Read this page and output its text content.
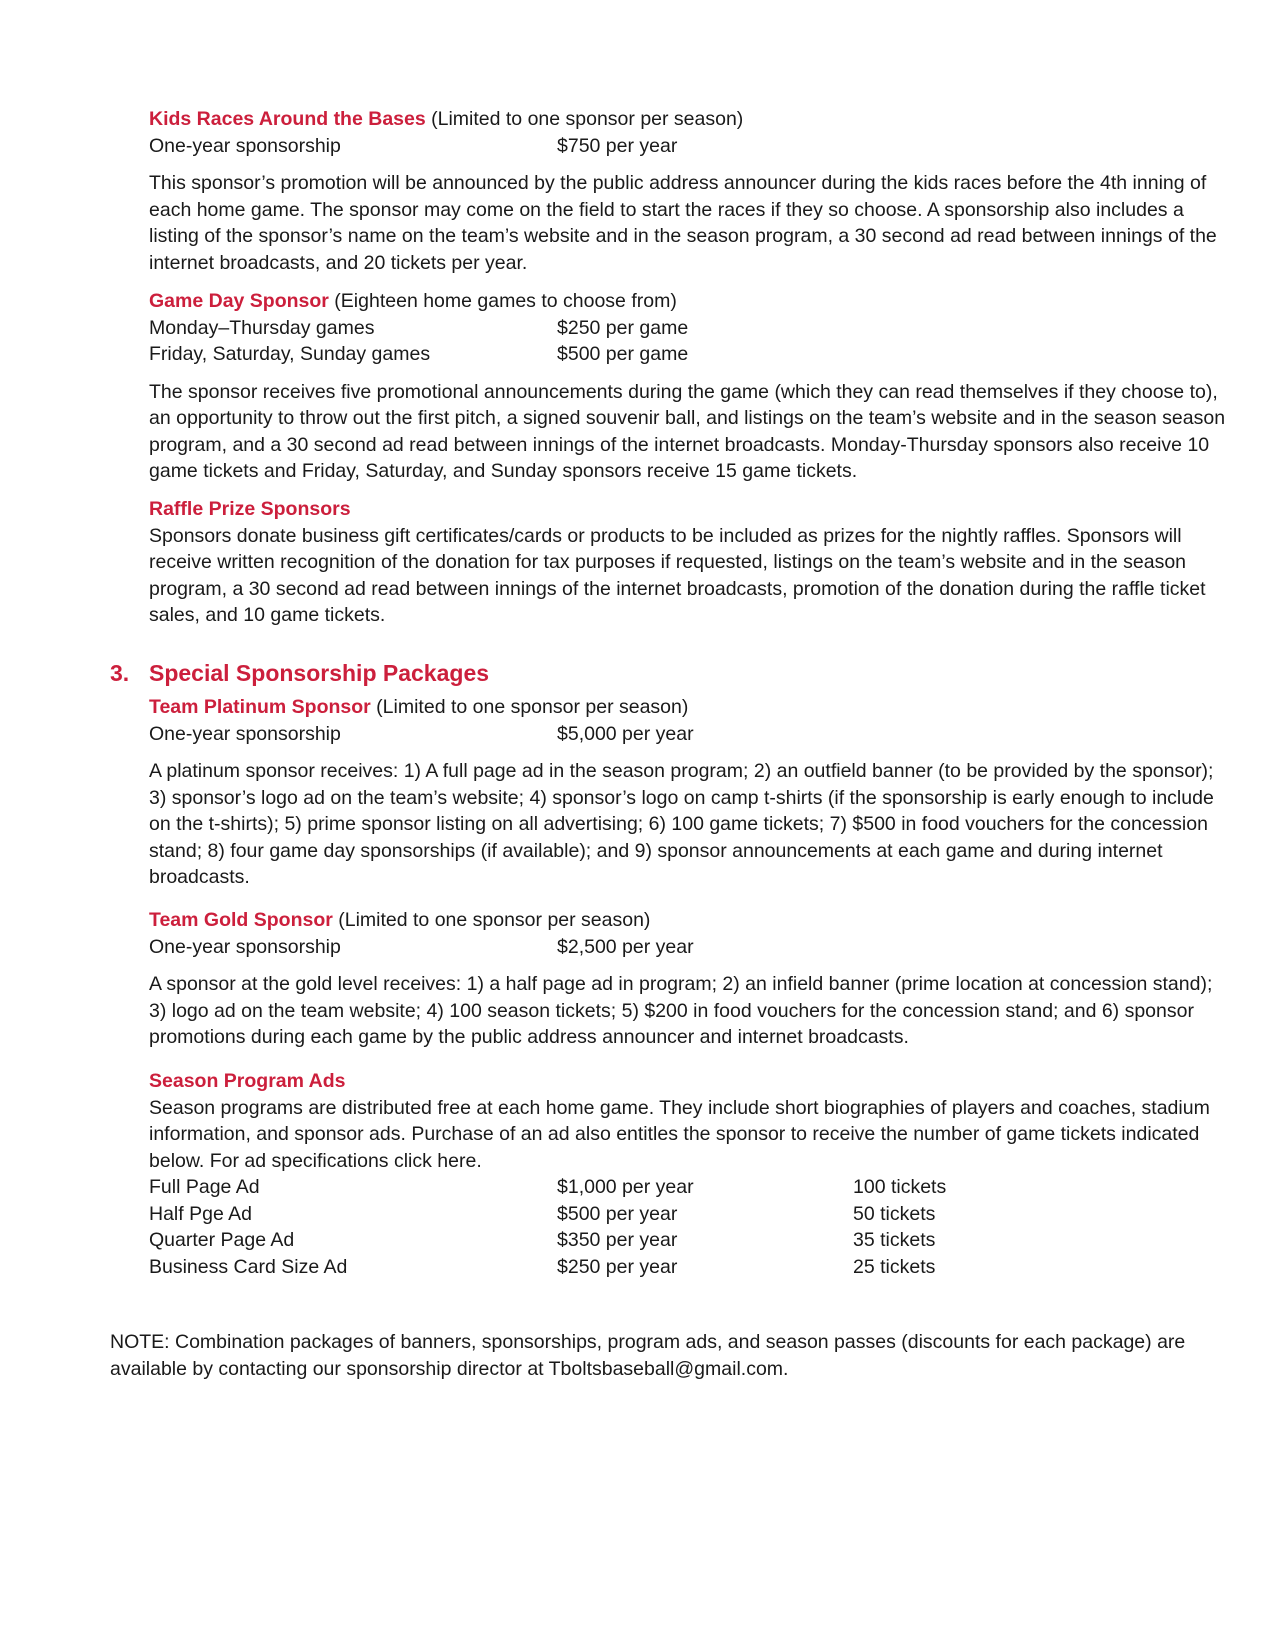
Kids Races Around the Bases (Limited to one sponsor per season)
One-year sponsorship	$750 per year

This sponsor’s promotion will be announced by the public address announcer during the kids races before the 4th inning of each home game. The sponsor may come on the field to start the races if they so choose. A sponsorship also includes a listing of the sponsor’s name on the team’s website and in the season program, a 30 second ad read between innings of the internet broadcasts, and 20 tickets per year.

Game Day Sponsor (Eighteen home games to choose from)
Monday–Thursday games	$250 per game
Friday, Saturday, Sunday games	$500 per game

The sponsor receives five promotional announcements during the game (which they can read themselves if they choose to), an opportunity to throw out the first pitch, a signed souvenir ball, and listings on the team’s website and in the season season program, and a 30 second ad read between innings of the internet broadcasts. Monday-Thursday sponsors also receive 10 game tickets and Friday, Saturday, and Sunday sponsors receive 15 game tickets.

Raffle Prize Sponsors

Sponsors donate business gift certificates/cards or products to be included as prizes for the nightly raffles. Sponsors will receive written recognition of the donation for tax purposes if requested, listings on the team’s website and in the season program, a 30 second ad read between innings of the internet broadcasts, promotion of the donation during the raffle ticket sales, and 10 game tickets.

3. Special Sponsorship Packages
Team Platinum Sponsor (Limited to one sponsor per season)
One-year sponsorship	$5,000 per year

A platinum sponsor receives: 1) A full page ad in the season program; 2) an outfield banner (to be provided by the sponsor); 3) sponsor’s logo ad on the team’s website; 4) sponsor’s logo on camp t-shirts (if the sponsorship is early enough to include on the t-shirts); 5) prime sponsor listing on all advertising; 6) 100 game tickets; 7) $500 in food vouchers for the concession stand; 8) four game day sponsorships (if available); and 9) sponsor announcements at each game and during internet broadcasts.

Team Gold Sponsor (Limited to one sponsor per season)
One-year sponsorship	$2,500 per year

A sponsor at the gold level receives: 1) a half page ad in program; 2) an infield banner (prime location at concession stand); 3) logo ad on the team website; 4) 100 season tickets; 5) $200 in food vouchers for the concession stand; and 6) sponsor promotions during each game by the public address announcer and internet broadcasts.

Season Program Ads

Season programs are distributed free at each home game. They include short biographies of players and coaches, stadium information, and sponsor ads. Purchase of an ad also entitles the sponsor to receive the number of game tickets indicated below. For ad specifications click here.

Full Page Ad	$1,000 per year	100 tickets
Half Pge Ad	$500 per year	50 tickets
Quarter Page Ad	$350 per year	35 tickets
Business Card Size Ad	$250 per year	25 tickets

NOTE: Combination packages of banners, sponsorships, program ads, and season passes (discounts for each package) are available by contacting our sponsorship director at Tboltsbaseball@gmail.com.
